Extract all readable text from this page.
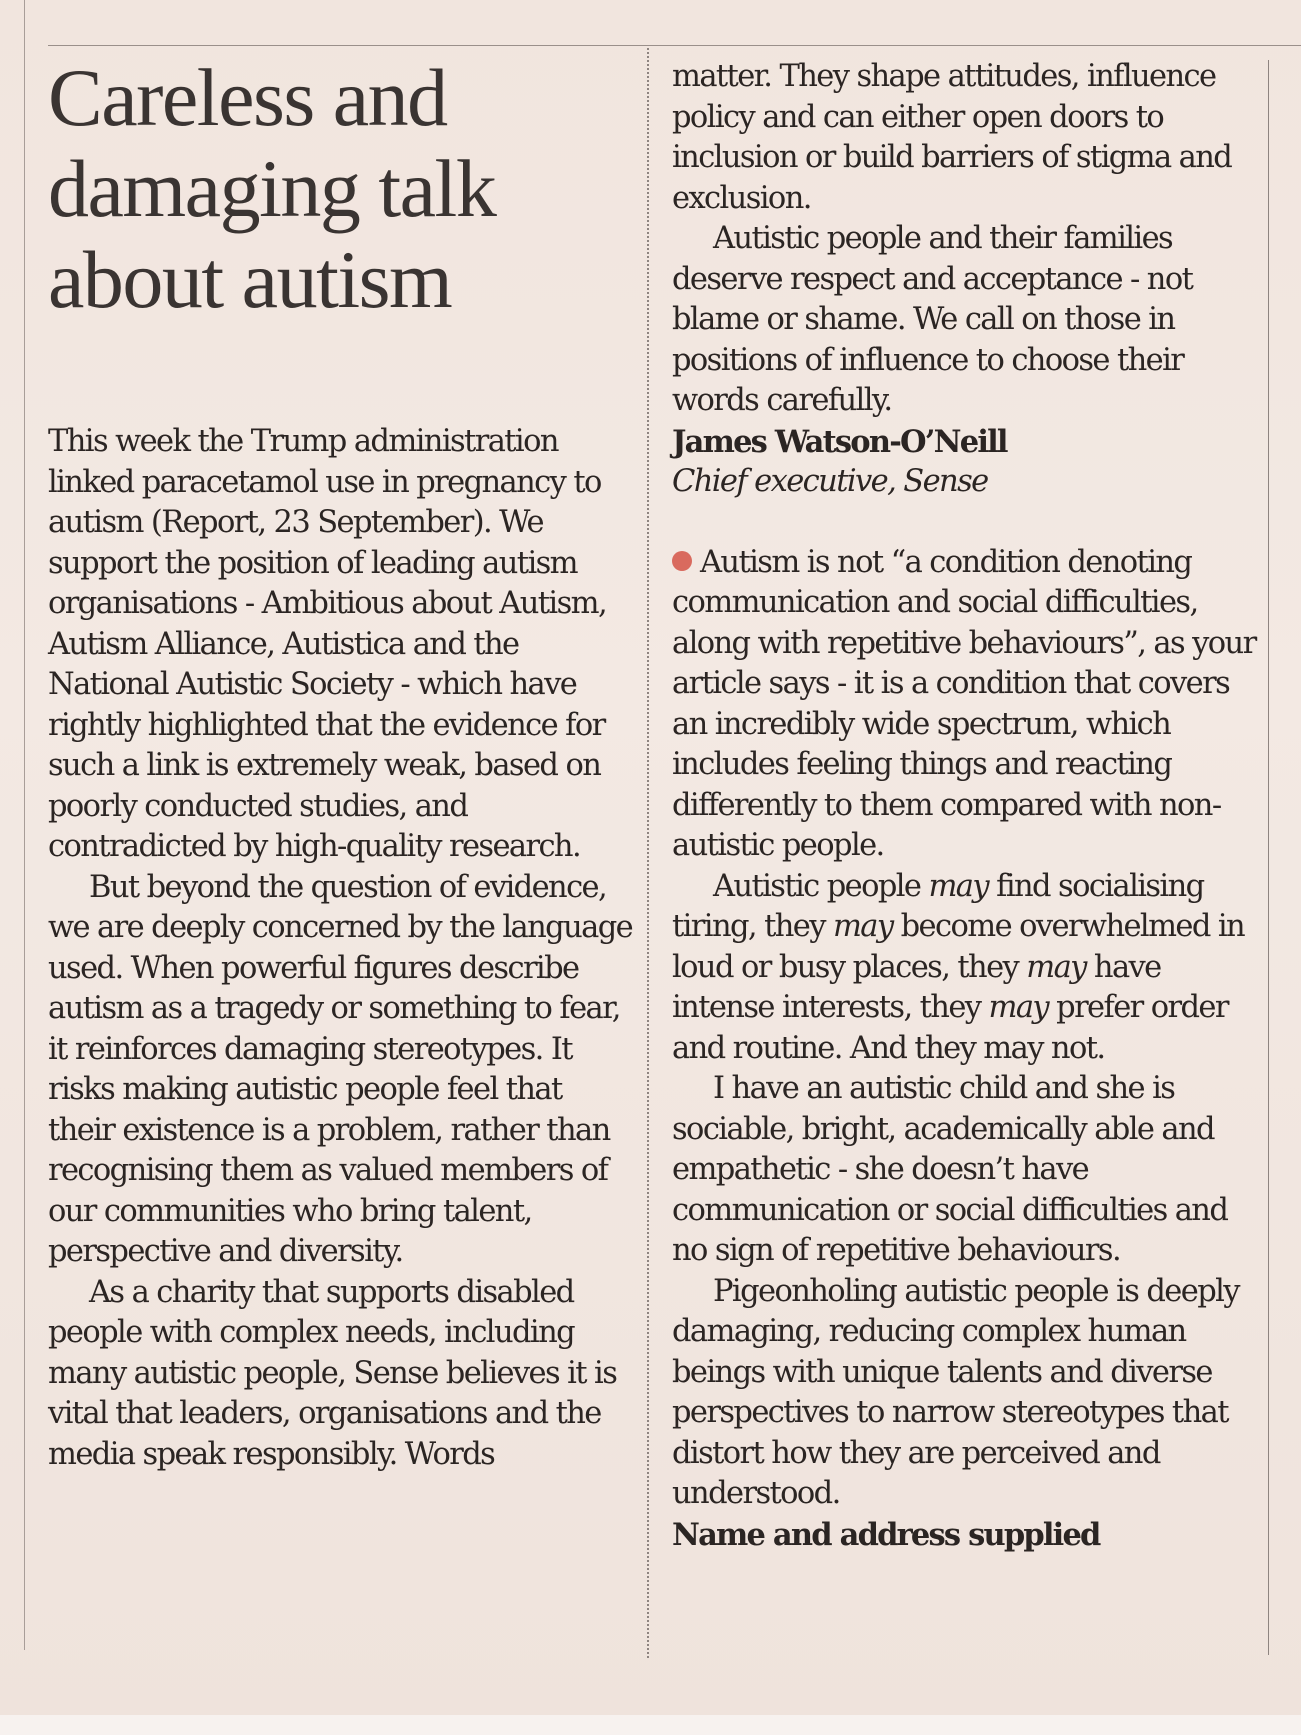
Careless and damaging talk about autism

This week the Trump administration linked paracetamol use in pregnancy to autism (Report, 23 September). We support the position of leading autism organisations - Ambitious about Autism, Autism Alliance, Autistica and the National Autistic Society - which have rightly highlighted that the evidence for such a link is extremely weak, based on poorly conducted studies, and contradicted by high-quality research.

But beyond the question of evidence, we are deeply concerned by the language used. When powerful figures describe autism as a tragedy or something to fear, it reinforces damaging stereotypes. It risks making autistic people feel that their existence is a problem, rather than recognising them as valued members of our communities who bring talent, perspective and diversity.

As a charity that supports disabled people with complex needs, including many autistic people, Sense believes it is vital that leaders, organisations and the media speak responsibly. Words

matter. They shape attitudes, influence policy and can either open doors to inclusion or build barriers of stigma and exclusion.

Autistic people and their families deserve respect and acceptance - not blame or shame. We call on those in positions of influence to choose their words carefully.

James Watson-O’Neill

Chief executive, Sense

Autism is not “a condition denoting communication and social difficulties, along with repetitive behaviours”, as your article says - it is a condition that covers an incredibly wide spectrum, which includes feeling things and reacting differently to them compared with non-autistic people.

Autistic people may find socialising tiring, they may become overwhelmed in loud or busy places, they may have intense interests, they may prefer order and routine. And they may not.

I have an autistic child and she is sociable, bright, academically able and empathetic - she doesn’t have communication or social difficulties and no sign of repetitive behaviours.

Pigeonholing autistic people is deeply damaging, reducing complex human beings with unique talents and diverse perspectives to narrow stereotypes that distort how they are perceived and understood.

Name and address supplied
